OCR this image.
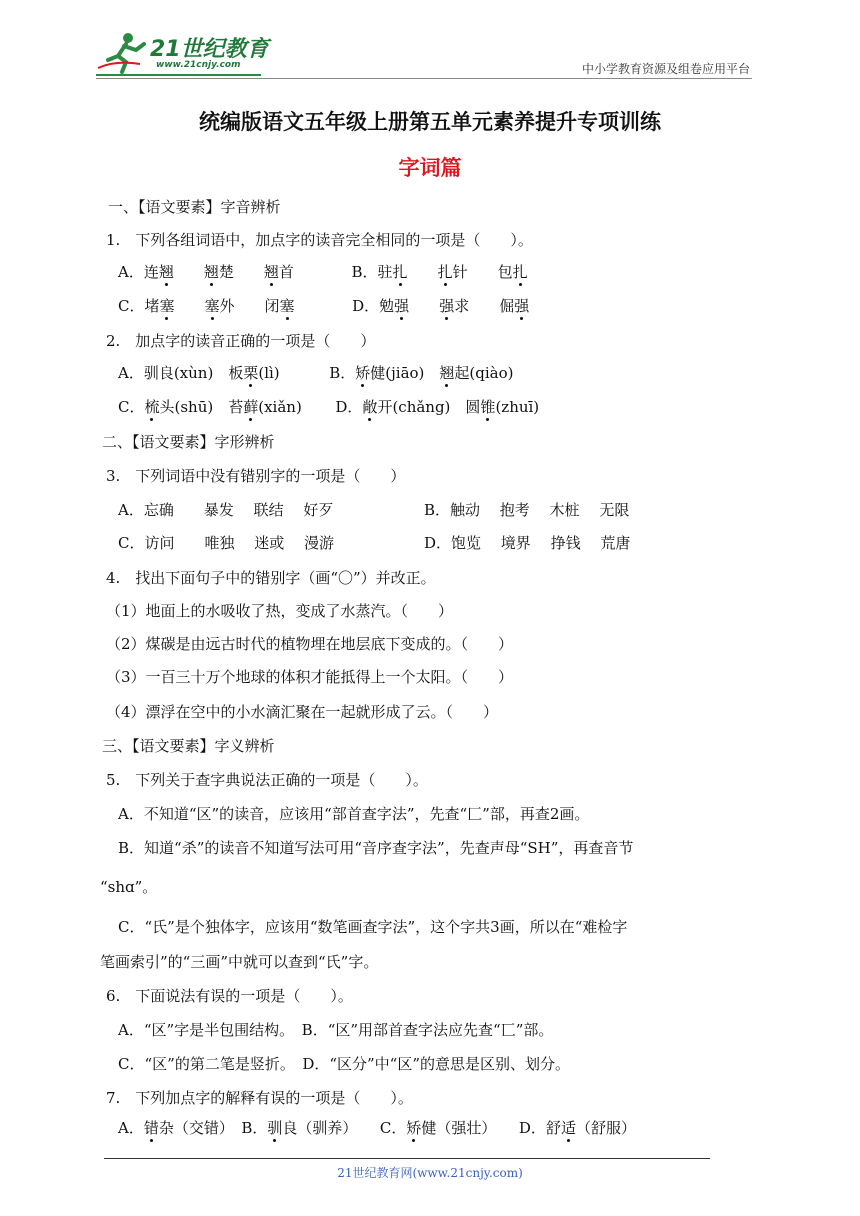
21世纪教育
www.21cnjy.com	中小学教育资源及组卷应用平台
统编版语文五年级上册第五单元素养提升专项训练
字词篇
一、【语文要素】字音辨析
1.　下列各组词语中，加点字的读音完全相同的一项是（　　）。
A．连翘　　 翘楚　　翘首	B．驻扎　　 扎针　　包扎
C．堵塞　　 塞外　　闭塞	D．勉强　　 强求　　倔强
2.　加点字的读音正确的一项是（　　）
A．驯良(xùn)　板栗(lì)	B．矫健(jiāo)　翘起(qiào)
C．梳头(shū)　苔藓(xiǎn) D．敞开(chǎng)　圆锥(zhuī)
二、【语文要素】字形辨析
3.　下列词语中没有错别字的一项是（　　）
A．忘确　　暴发　 联结　 好歹	B．触动　 抱考　 木桩　 无限
C．访问　　唯独　 迷或　 漫游	D．饱览　 境界　 挣钱　 荒唐
4.　找出下面句子中的错别字（画“〇”）并改正。
（1）地面上的水吸收了热，变成了水蒸汽。（　　）
（2）煤碳是由远古时代的植物埋在地层底下变成的。（　　）
（3）一百三十万个地球的体积才能抵得上一个太阳。（　　）
（4）漂浮在空中的小水滴汇聚在一起就形成了云。（　　）
三、【语文要素】字义辨析
5.　下列关于查字典说法正确的一项是（　　）。
A．不知道“区”的读音，应该用“部首查字法”，先查“匚”部，再查2画。
B．知道“杀”的读音不知道写法可用“音序查字法”，先查声母“SH”，再查音节
“shɑ”。
C．“氏”是个独体字，应该用“数笔画查字法”，这个字共3画，所以在“难检字
笔画索引”的“三画”中就可以查到“氏”字。
6.　下面说法有误的一项是（　　）。
A．“区”字是半包围结构。　B．“区”用部首查字法应先查“匸”部。
C．“区”的第二笔是竖折。　D．“区分”中“区”的意思是区别、划分。
7.　下列加点字的解释有误的一项是（　　）。
A．错杂（交错）　B．驯良（驯养）　　C．矫健（强壮）　　D．舒适（舒服）
21世纪教育网(www.21cnjy.com)
